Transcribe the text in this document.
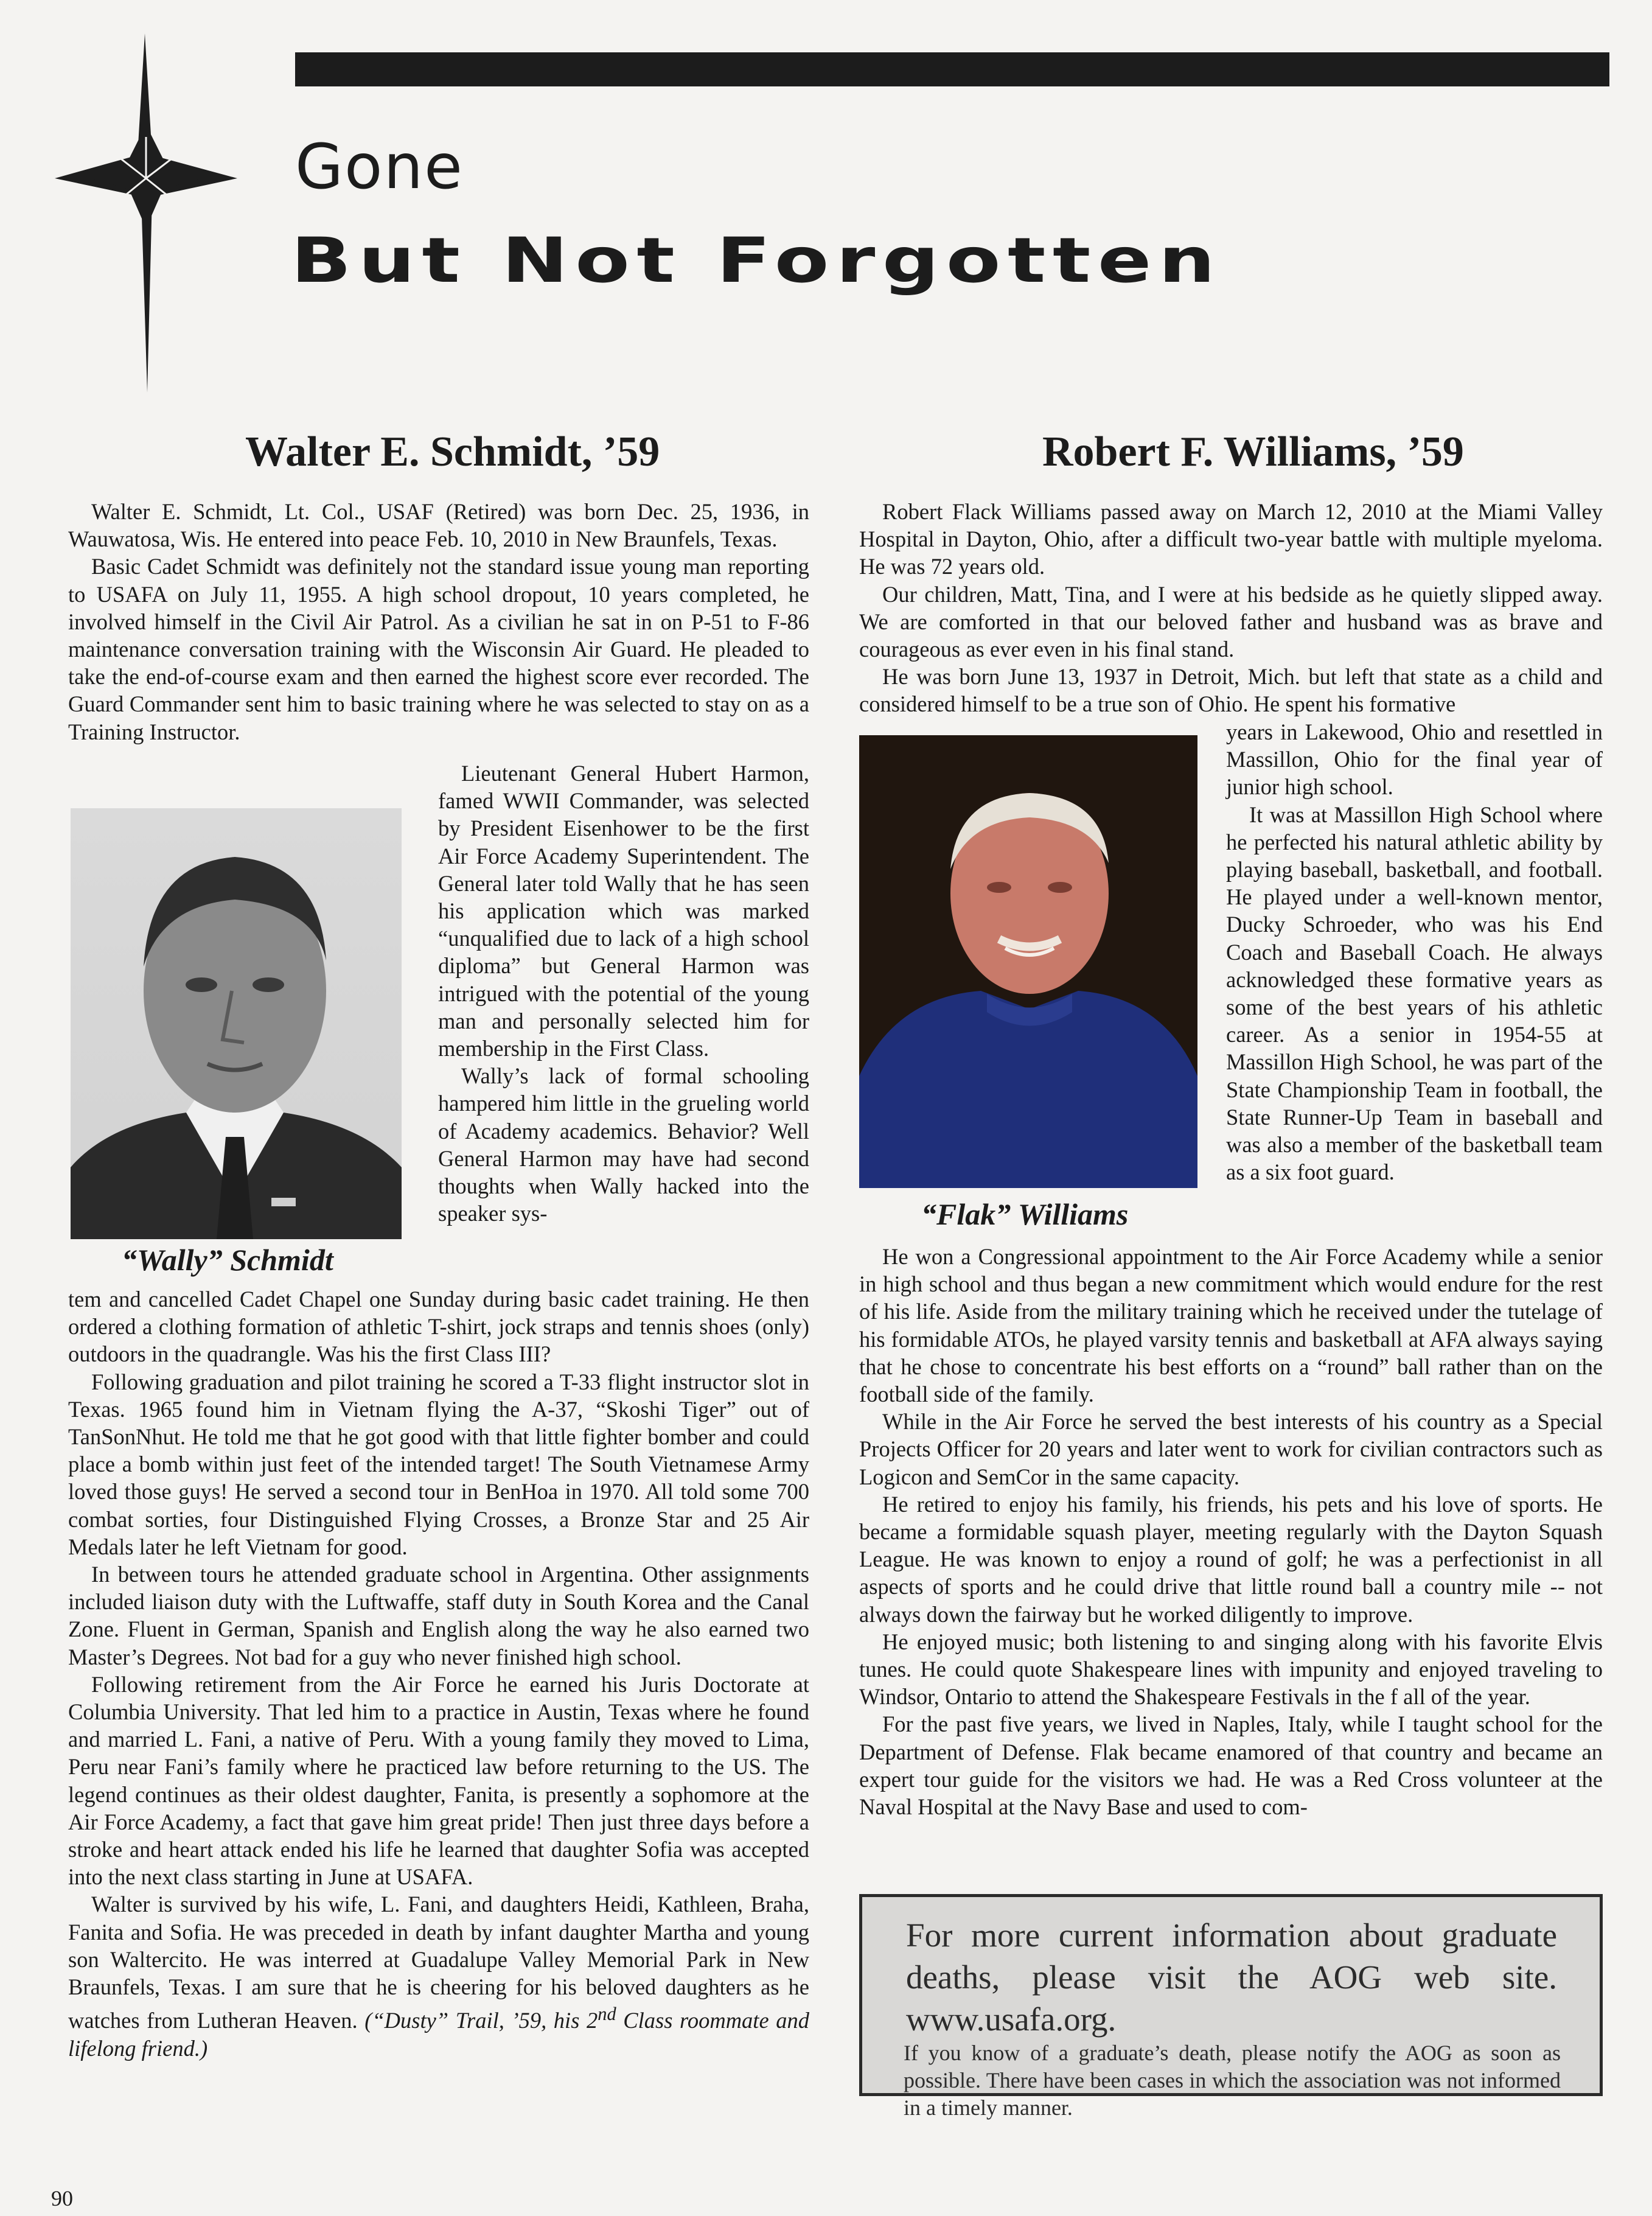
Gone
But Not Forgotten
Walter E. Schmidt, ’59

Walter E. Schmidt, Lt. Col., USAF (Retired) was born Dec. 25, 1936, in Wauwatosa, Wis. He entered into peace Feb. 10, 2010 in New Braunfels, Texas.

Basic Cadet Schmidt was definitely not the standard issue young man reporting to USAFA on July 11, 1955. A high school dropout, 10 years completed, he involved himself in the Civil Air Patrol. As a civilian he sat in on P-51 to F-86 maintenance conversation training with the Wisconsin Air Guard. He pleaded to take the end-of-course exam and then earned the highest score ever recorded. The Guard Commander sent him to basic training where he was selected to stay on as a Training Instructor.

“Wally” Schmidt

Lieutenant General Hubert Harmon, famed WWII Commander, was selected by President Eisenhower to be the first Air Force Academy Superintendent. The General later told Wally that he has seen his application which was marked “unqualified due to lack of a high school diploma” but General Harmon was intrigued with the potential of the young man and personally selected him for membership in the First Class.

Wally’s lack of formal schooling hampered him little in the grueling world of Academy academics. Behavior? Well General Harmon may have had second thoughts when Wally hacked into the speaker sys-

tem and cancelled Cadet Chapel one Sunday during basic cadet training. He then ordered a clothing formation of athletic T-shirt, jock straps and tennis shoes (only) outdoors in the quadrangle. Was his the first Class III?

Following graduation and pilot training he scored a T-33 flight instructor slot in Texas. 1965 found him in Vietnam flying the A-37, “Skoshi Tiger” out of TanSonNhut. He told me that he got good with that little fighter bomber and could place a bomb within just feet of the intended target! The South Vietnamese Army loved those guys! He served a second tour in BenHoa in 1970. All told some 700 combat sorties, four Distinguished Flying Crosses, a Bronze Star and 25 Air Medals later he left Vietnam for good.

In between tours he attended graduate school in Argentina. Other assignments included liaison duty with the Luftwaffe, staff duty in South Korea and the Canal Zone. Fluent in German, Spanish and English along the way he also earned two Master’s Degrees. Not bad for a guy who never finished high school.

Following retirement from the Air Force he earned his Juris Doctorate at Columbia University. That led him to a practice in Austin, Texas where he found and married L. Fani, a native of Peru. With a young family they moved to Lima, Peru near Fani’s family where he practiced law before returning to the US. The legend continues as their oldest daughter, Fanita, is presently a sophomore at the Air Force Academy, a fact that gave him great pride! Then just three days before a stroke and heart attack ended his life he learned that daughter Sofia was accepted into the next class starting in June at USAFA.

Walter is survived by his wife, L. Fani, and daughters Heidi, Kathleen, Braha, Fanita and Sofia. He was preceded in death by infant daughter Martha and young son Waltercito. He was interred at Guadalupe Valley Memorial Park in New Braunfels, Texas. I am sure that he is cheering for his beloved daughters as he watches from Lutheran Heaven. (“Dusty” Trail, ’59, his 2nd Class roommate and lifelong friend.)

Robert F. Williams, ’59

Robert Flack Williams passed away on March 12, 2010 at the Miami Valley Hospital in Dayton, Ohio, after a difficult two-year battle with multiple myeloma. He was 72 years old.

Our children, Matt, Tina, and I were at his bedside as he quietly slipped away. We are comforted in that our beloved father and husband was as brave and courageous as ever even in his final stand.

He was born June 13, 1937 in Detroit, Mich. but left that state as a child and considered himself to be a true son of Ohio. He spent his formative

“Flak” Williams

years in Lakewood, Ohio and resettled in Massillon, Ohio for the final year of junior high school.

It was at Massillon High School where he perfected his natural athletic ability by playing baseball, basketball, and football. He played under a well-known mentor, Ducky Schroeder, who was his End Coach and Baseball Coach. He always acknowledged these formative years as some of the best years of his athletic career. As a senior in 1954-55 at Massillon High School, he was part of the State Championship Team in football, the State Runner-Up Team in baseball and was also a member of the basketball team as a six foot guard.

He won a Congressional appointment to the Air Force Academy while a senior in high school and thus began a new commitment which would endure for the rest of his life. Aside from the military training which he received under the tutelage of his formidable ATOs, he played varsity tennis and basketball at AFA always saying that he chose to concentrate his best efforts on a “round” ball rather than on the football side of the family.

While in the Air Force he served the best interests of his country as a Special Projects Officer for 20 years and later went to work for civilian contractors such as Logicon and SemCor in the same capacity.

He retired to enjoy his family, his friends, his pets and his love of sports. He became a formidable squash player, meeting regularly with the Dayton Squash League. He was known to enjoy a round of golf; he was a perfectionist in all aspects of sports and he could drive that little round ball a country mile -- not always down the fairway but he worked diligently to improve.

He enjoyed music; both listening to and singing along with his favorite Elvis tunes. He could quote Shakespeare lines with impunity and enjoyed traveling to Windsor, Ontario to attend the Shakespeare Festivals in the f all of the year.

For the past five years, we lived in Naples, Italy, while I taught school for the Department of Defense. Flak became enamored of that country and became an expert tour guide for the visitors we had. He was a Red Cross volunteer at the Naval Hospital at the Navy Base and used to com-

For more current information about graduate deaths, please visit the AOG web site. www.usafa.org.
If you know of a graduate’s death, please notify the AOG as soon as possible. There have been cases in which the association was not informed in a timely manner.
90
